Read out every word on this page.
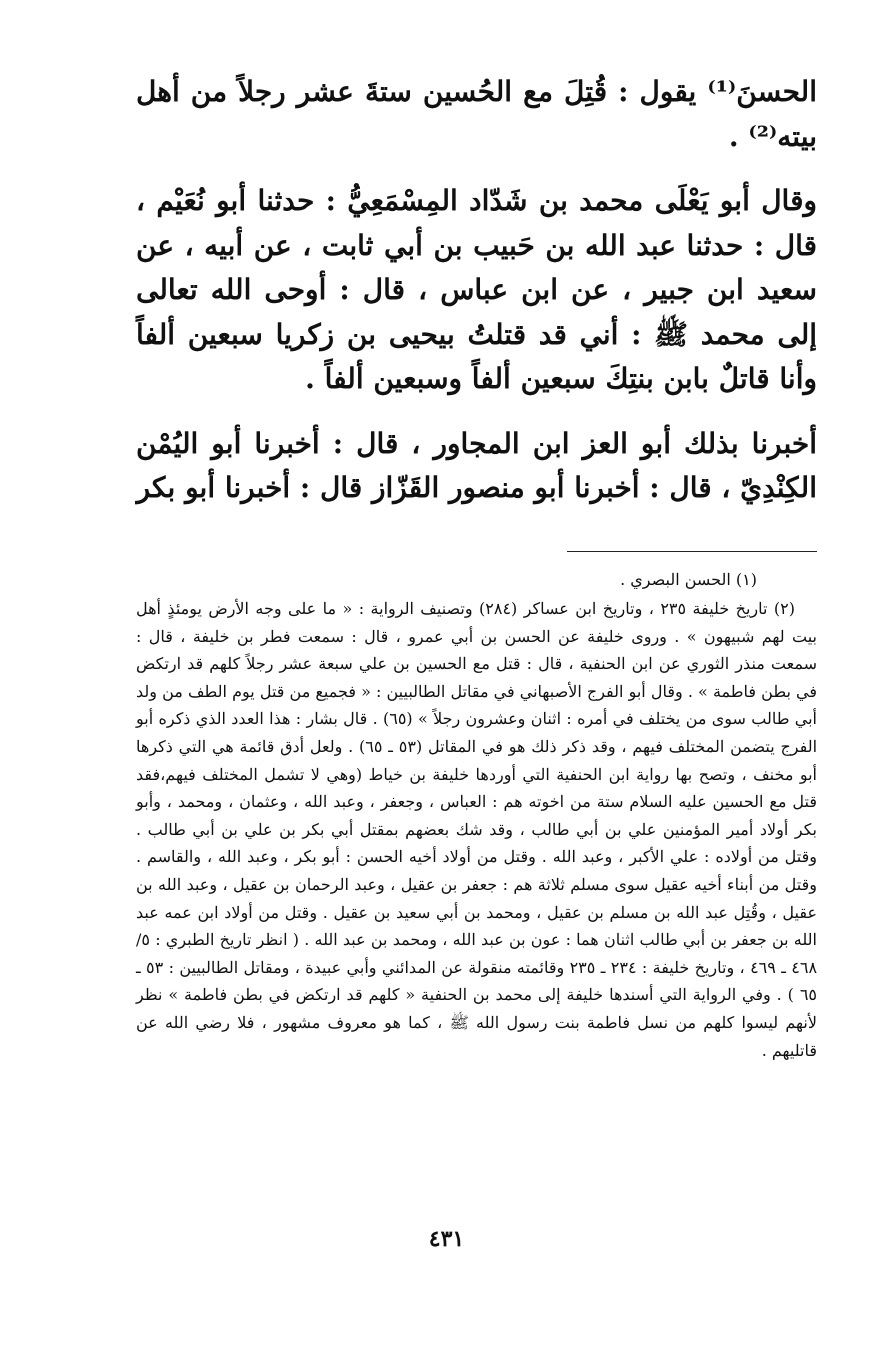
الحسنَ⁽¹⁾ يقول : قُتِلَ مع الحُسين ستةَ عشر رجلاً من أهل بيته⁽²⁾ .

وقال أبو يَعْلَى محمد بن شَدّاد المِسْمَعِيُّ : حدثنا أبو نُعَيْم ، قال : حدثنا عبد الله بن حَبيب بن أبي ثابت ، عن أبيه ، عن سعيد ابن جبير ، عن ابن عباس ، قال : أوحى الله تعالى إلى محمد ﷺ : أني قد قتلتُ بيحيى بن زكريا سبعين ألفاً وأنا قاتلٌ بابن بنتِكَ سبعين ألفاً وسبعين ألفاً .

أخبرنا بذلك أبو العز ابن المجاور ، قال : أخبرنا أبو اليُمْن الكِنْدِيّ ، قال : أخبرنا أبو منصور القَزّاز قال : أخبرنا أبو بكر

(١) الحسن البصري .

(٢) تاريخ خليفة ٢٣٥ ، وتاريخ ابن عساكر (٢٨٤) وتصنيف الرواية : « ما على وجه الأرض يومئذٍ أهل بيت لهم شبيهون » . وروى خليفة عن الحسن بن أبي عمرو ، قال : سمعت فطر بن خليفة ، قال : سمعت منذر الثوري عن ابن الحنفية ، قال : قتل مع الحسين بن علي سبعة عشر رجلاً كلهم قد ارتكض في بطن فاطمة » . وقال أبو الفرج الأصبهاني في مقاتل الطالبيين : « فجميع من قتل يوم الطف من ولد أبي طالب سوى من يختلف في أمره : اثنان وعشرون رجلاً » (٦٥) . قال بشار : هذا العدد الذي ذكره أبو الفرج يتضمن المختلف فيهم ، وقد ذكر ذلك هو في المقاتل (٥٣ ـ ٦٥) . ولعل أدق قائمة هي التي ذكرها أبو مخنف ، وتصح بها رواية ابن الحنفية التي أوردها خليفة بن خياط (وهي لا تشمل المختلف فيهم،فقد قتل مع الحسين عليه السلام ستة من اخوته هم : العباس ، وجعفر ، وعبد الله ، وعثمان ، ومحمد ، وأبو بكر أولاد أمير المؤمنين علي بن أبي طالب ، وقد شك بعضهم بمقتل أبي بكر بن علي بن أبي طالب . وقتل من أولاده : علي الأكبر ، وعبد الله . وقتل من أولاد أخيه الحسن : أبو بكر ، وعبد الله ، والقاسم . وقتل من أبناء أخيه عقيل سوى مسلم ثلاثة هم : جعفر بن عقيل ، وعبد الرحمان بن عقيل ، وعبد الله بن عقيل ، وقُتِل عبد الله بن مسلم بن عقيل ، ومحمد بن أبي سعيد بن عقيل . وقتل من أولاد ابن عمه عبد الله بن جعفر بن أبي طالب اثنان هما : عون بن عبد الله ، ومحمد بن عبد الله . ( انظر تاريخ الطبري : ٥/ ٤٦٨ ـ ٤٦٩ ، وتاريخ خليفة : ٢٣٤ ـ ٢٣٥ وقائمته منقولة عن المدائني وأبي عبيدة ، ومقاتل الطالبيين : ٥٣ ـ ٦٥ ) . وفي الرواية التي أسندها خليفة إلى محمد بن الحنفية « كلهم قد ارتكض في بطن فاطمة » نظر لأنهم ليسوا كلهم من نسل فاطمة بنت رسول الله ﷺ ، كما هو معروف مشهور ، فلا رضي الله عن قاتليهم .

٤٣١
